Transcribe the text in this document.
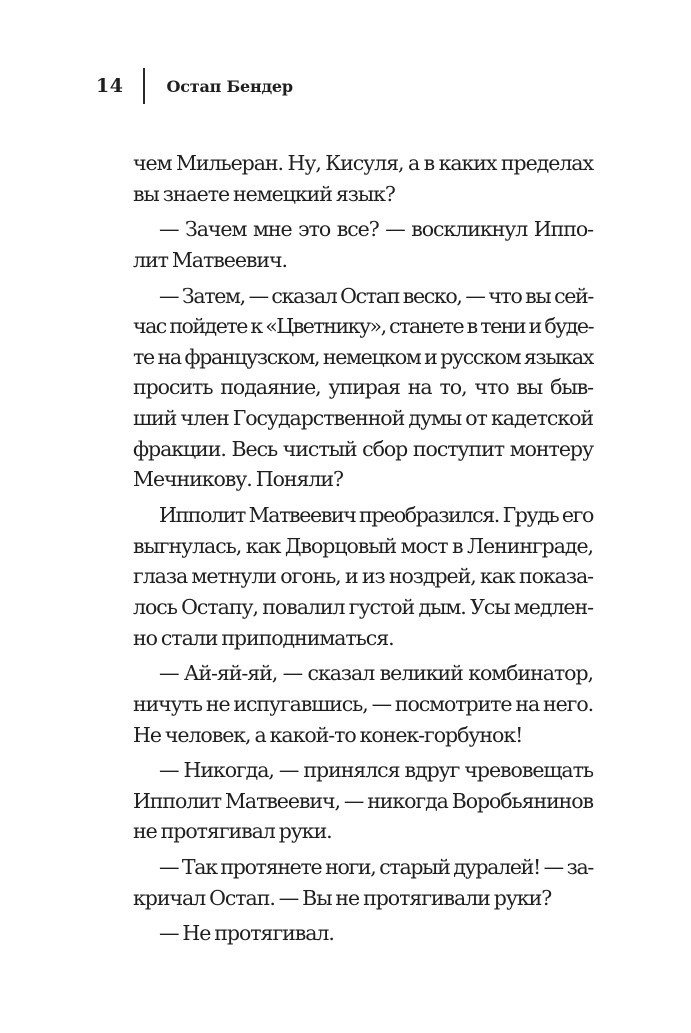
14	Остап Бендер
чем Мильеран. Ну, Кисуля, а в каких пределах
вы знаете немецкий язык?
— Зачем мне это все? — воскликнул Иппо-
лит Матвеевич.
— Затем, — сказал Остап веско, — что вы сей-
час пойдете к «Цветнику», станете в тени и буде-
те на французском, немецком и русском языках
просить подаяние, упирая на то, что вы быв-
ший член Государственной думы от кадетской
фракции. Весь чистый сбор поступит монтеру
Мечникову. Поняли?
Ипполит Матвеевич преобразился. Грудь его
выгнулась, как Дворцовый мост в Ленинграде,
глаза метнули огонь, и из ноздрей, как показа-
лось Остапу, повалил густой дым. Усы медлен-
но стали приподниматься.
— Ай-яй-яй, — сказал великий комбинатор,
ничуть не испугавшись, — посмотрите на него.
Не человек, а какой-то конек-горбунок!
— Никогда, — принялся вдруг чревовещать
Ипполит Матвеевич, — никогда Воробьянинов
не протягивал руки.
— Так протянете ноги, старый дуралей! — за-
кричал Остап. — Вы не протягивали руки?
— Не протягивал.
